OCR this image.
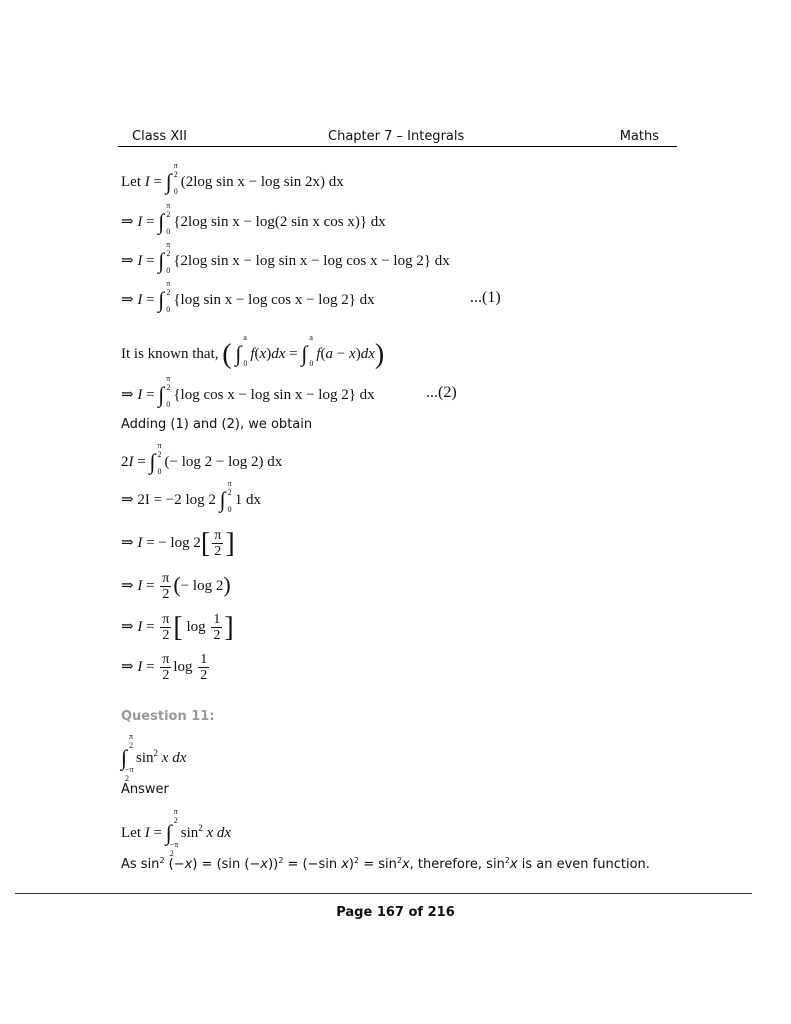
Class XII	Chapter 7 – Integrals	Maths
Let I = ∫
π
2
0
(2log sin x − log sin 2x) dx
⇒ I = ∫
π
2
0
{2log sin x − log(2 sin x cos x)} dx
⇒ I = ∫
π
2
0
{2log sin x − log sin x − log cos x − log 2} dx
⇒ I = ∫
π
2
0
{log sin x − log cos x − log 2} dx	...(1)
It is known that, ( ∫
a
0
f(x)dx = ∫
a
0
f(a − x)dx)
⇒ I = ∫
π
2
0
{log cos x − log sin x − log 2} dx	...(2)
Adding (1) and (2), we obtain
2I = ∫
π
2
0
(− log 2 − log 2) dx
⇒ 2I = −2 log 2 ∫
π
2
0
1 dx
⇒ I = − $\log 2[ \frac{\pi}{2}$ ]
⇒ $I = \frac{\pi}{2}$ (− log 2)
⇒ $I = \frac{\pi}{2}$ [ $\log \frac{1}{2}$ ]
⇒ $I = \frac{\pi}{2}$ $\log \frac{1}{2}$
Question 11:
∫
π
2
−π
2
$\sin^2 x$ dx
Answer
Let I = ∫
π
2
−π
2
$\sin^2 x$ dx
As $\sin^2 (-x) = (\sin$ (−x))$^2$ = (−sin $x)^2 = \sin^2x$, therefore, $\sin^2x$ is an even function.
Page 167 of 216
